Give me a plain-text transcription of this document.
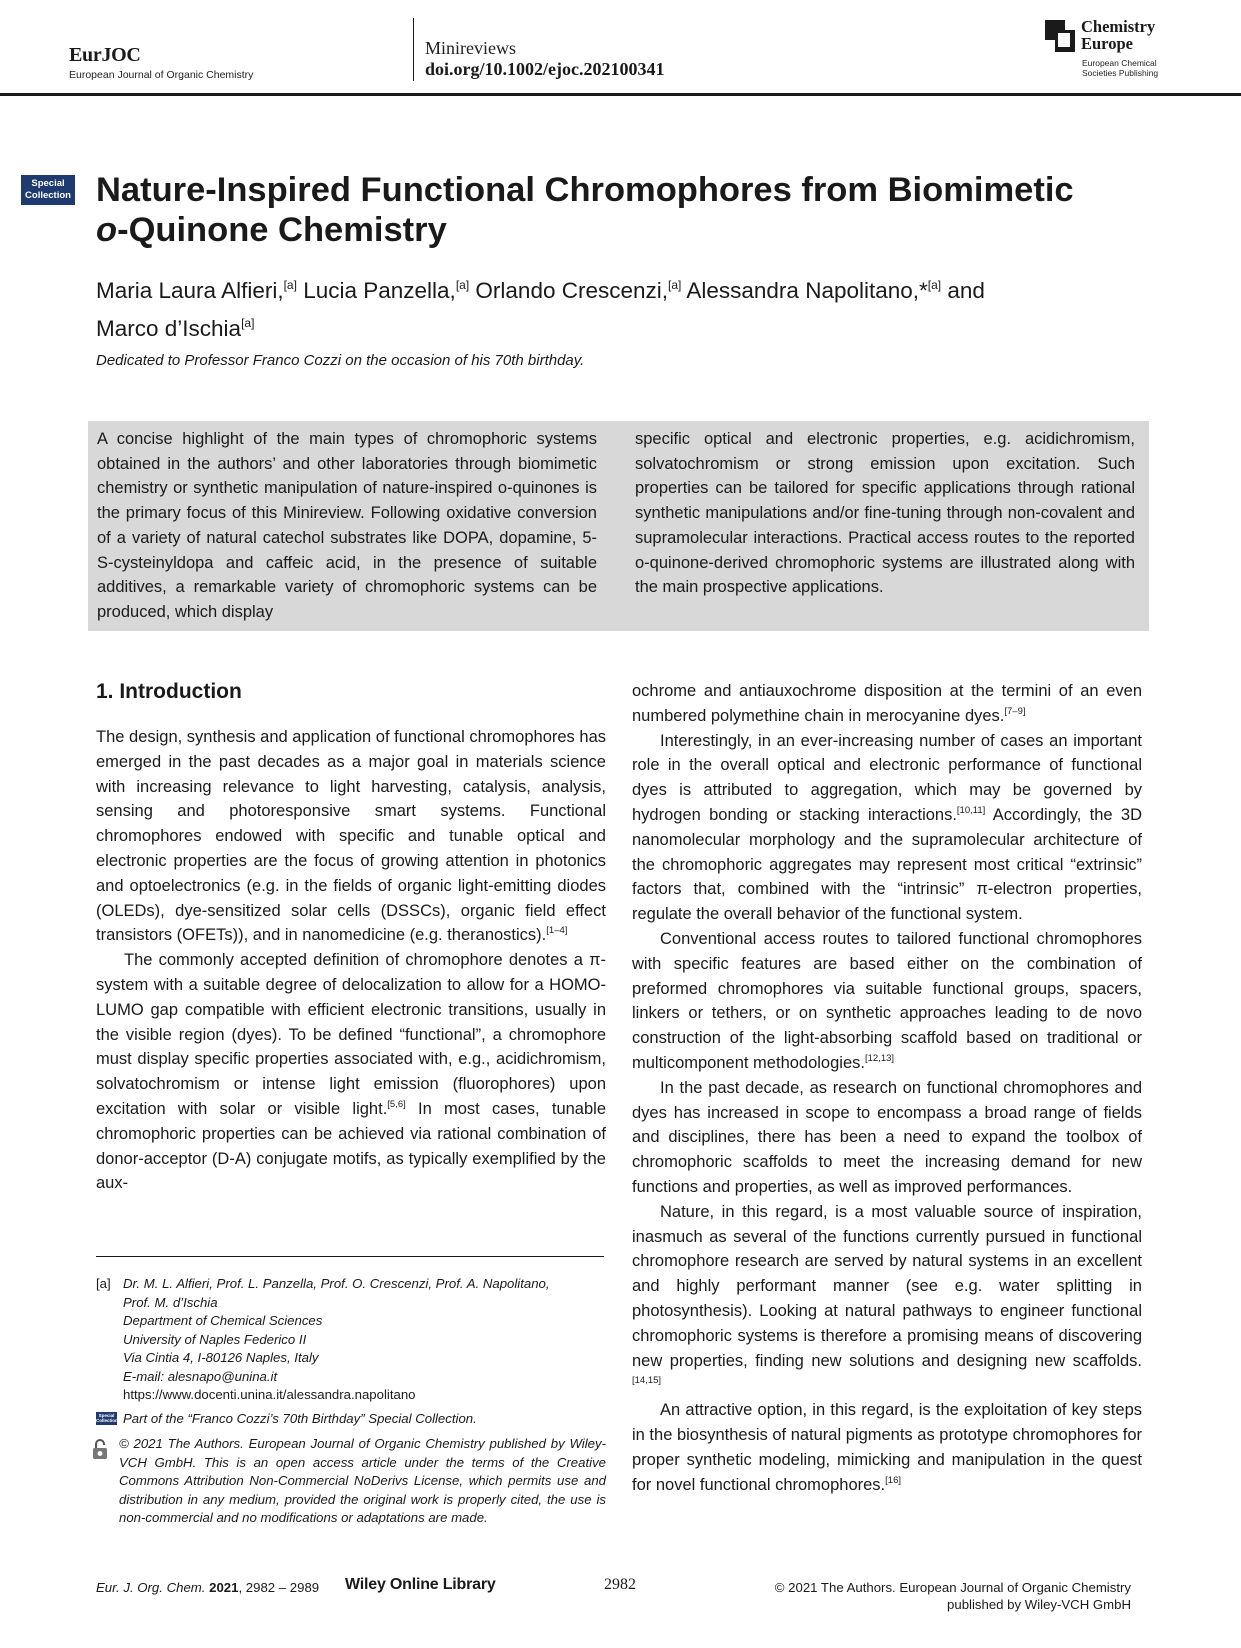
EurJOC
European Journal of Organic Chemistry
Minireviews
doi.org/10.1002/ejoc.202100341
Chemistry
Europe
European Chemical
Societies Publishing
Special
Collection Nature-Inspired Functional Chromophores from Biomimetic
o-Quinone Chemistry
Maria Laura Alfieri,[a] Lucia Panzella,[a] Orlando Crescenzi,[a] Alessandra Napolitano,*[a] and
Marco d’Ischia[a]
Dedicated to Professor Franco Cozzi on the occasion of his 70th birthday.
A concise highlight of the main types of chromophoric systems obtained in the authors’ and other laboratories through biomimetic chemistry or synthetic manipulation of nature-inspired o-quinones is the primary focus of this Minireview. Following oxidative conversion of a variety of natural catechol substrates like DOPA, dopamine, 5-S-cysteinyldopa and caffeic acid, in the presence of suitable additives, a remarkable variety of chromophoric systems can be produced, which display
specific optical and electronic properties, e.g. acidichromism, solvatochromism or strong emission upon excitation. Such properties can be tailored for specific applications through rational synthetic manipulations and/or fine-tuning through non-covalent and supramolecular interactions. Practical access routes to the reported o-quinone-derived chromophoric systems are illustrated along with the main prospective applications.
1. Introduction

The design, synthesis and application of functional chromophores has emerged in the past decades as a major goal in materials science with increasing relevance to light harvesting, catalysis, analysis, sensing and photoresponsive smart systems. Functional chromophores endowed with specific and tunable optical and electronic properties are the focus of growing attention in photonics and optoelectronics (e.g. in the fields of organic light-emitting diodes (OLEDs), dye-sensitized solar cells (DSSCs), organic field effect transistors (OFETs)), and in nanomedicine (e.g. theranostics).[1–4]

The commonly accepted definition of chromophore denotes a π-system with a suitable degree of delocalization to allow for a HOMO-LUMO gap compatible with efficient electronic transitions, usually in the visible region (dyes). To be defined “functional”, a chromophore must display specific properties associated with, e.g., acidichromism, solvatochromism or intense light emission (fluorophores) upon excitation with solar or visible light.[5,6] In most cases, tunable chromophoric properties can be achieved via rational combination of donor-acceptor (D-A) conjugate motifs, as typically exemplified by the aux-

ochrome and antiauxochrome disposition at the termini of an even numbered polymethine chain in merocyanine dyes.[7–9]

Interestingly, in an ever-increasing number of cases an important role in the overall optical and electronic performance of functional dyes is attributed to aggregation, which may be governed by hydrogen bonding or stacking interactions.[10,11] Accordingly, the 3D nanomolecular morphology and the supramolecular architecture of the chromophoric aggregates may represent most critical “extrinsic” factors that, combined with the “intrinsic” π-electron properties, regulate the overall behavior of the functional system.

Conventional access routes to tailored functional chromophores with specific features are based either on the combination of preformed chromophores via suitable functional groups, spacers, linkers or tethers, or on synthetic approaches leading to de novo construction of the light-absorbing scaffold based on traditional or multicomponent methodologies.[12,13]

In the past decade, as research on functional chromophores and dyes has increased in scope to encompass a broad range of fields and disciplines, there has been a need to expand the toolbox of chromophoric scaffolds to meet the increasing demand for new functions and properties, as well as improved performances.

Nature, in this regard, is a most valuable source of inspiration, inasmuch as several of the functions currently pursued in functional chromophore research are served by natural systems in an excellent and highly performant manner (see e.g. water splitting in photosynthesis). Looking at natural pathways to engineer functional chromophoric systems is therefore a promising means of discovering new properties, finding new solutions and designing new scaffolds.[14,15]

An attractive option, in this regard, is the exploitation of key steps in the biosynthesis of natural pigments as prototype chromophores for proper synthetic modeling, mimicking and manipulation in the quest for novel functional chromophores.[16]

[a] Dr. M. L. Alfieri, Prof. L. Panzella, Prof. O. Crescenzi, Prof. A. Napolitano,
Prof. M. d’Ischia
Department of Chemical Sciences
University of Naples Federico II
Via Cintia 4, I-80126 Naples, Italy
E-mail: alesnapo@unina.it
https://www.docenti.unina.it/alessandra.napolitano
Special
Collection Part of the “Franco Cozzi’s 70th Birthday” Special Collection.
© 2021 The Authors. European Journal of Organic Chemistry published by Wiley-VCH GmbH. This is an open access article under the terms of the Creative Commons Attribution Non-Commercial NoDerivs License, which permits use and distribution in any medium, provided the original work is properly cited, the use is non-commercial and no modifications or adaptations are made.
Eur. J. Org. Chem. 2021, 2982 – 2989 Wiley Online Library	2982	© 2021 The Authors. European Journal of Organic Chemistry
published by Wiley-VCH GmbH
